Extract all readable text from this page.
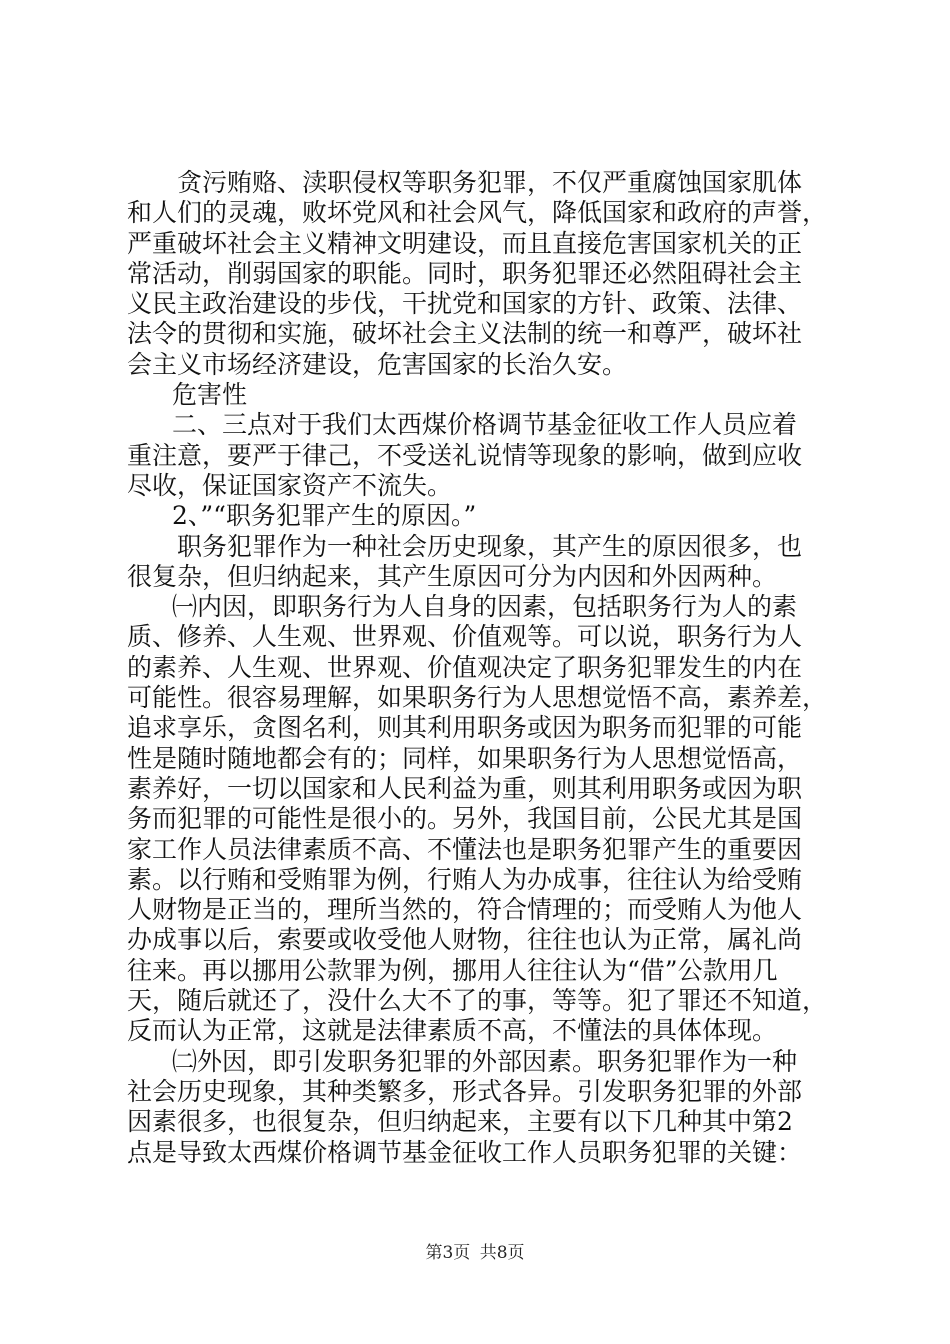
贪污贿赂、渎职侵权等职务犯罪，不仅严重腐蚀国家肌体
和人们的灵魂，败坏党风和社会风气，降低国家和政府的声誉，
严重破坏社会主义精神文明建设，而且直接危害国家机关的正
常活动，削弱国家的职能。同时，职务犯罪还必然阻碍社会主
义民主政治建设的步伐，干扰党和国家的方针、政策、法律、
法令的贯彻和实施，破坏社会主义法制的统一和尊严，破坏社
会主义市场经济建设，危害国家的长治久安。
危害性
二、三点对于我们太西煤价格调节基金征收工作人员应着
重注意，要严于律己，不受送礼说情等现象的影响，做到应收
尽收，保证国家资产不流失。
2、”“职务犯罪产生的原因。”
职务犯罪作为一种社会历史现象，其产生的原因很多，也
很复杂，但归纳起来，其产生原因可分为内因和外因两种。
㈠内因，即职务行为人自身的因素，包括职务行为人的素
质、修养、人生观、世界观、价值观等。可以说，职务行为人
的素养、人生观、世界观、价值观决定了职务犯罪发生的内在
可能性。很容易理解，如果职务行为人思想觉悟不高，素养差，
追求享乐，贪图名利，则其利用职务或因为职务而犯罪的可能
性是随时随地都会有的；同样，如果职务行为人思想觉悟高，
素养好，一切以国家和人民利益为重，则其利用职务或因为职
务而犯罪的可能性是很小的。另外，我国目前，公民尤其是国
家工作人员法律素质不高、不懂法也是职务犯罪产生的重要因
素。以行贿和受贿罪为例，行贿人为办成事，往往认为给受贿
人财物是正当的，理所当然的，符合情理的；而受贿人为他人
办成事以后，索要或收受他人财物，往往也认为正常，属礼尚
往来。再以挪用公款罪为例，挪用人往往认为“借”公款用几
天，随后就还了，没什么大不了的事，等等。犯了罪还不知道，
反而认为正常，这就是法律素质不高，不懂法的具体体现。
㈡外因，即引发职务犯罪的外部因素。职务犯罪作为一种
社会历史现象，其种类繁多，形式各异。引发职务犯罪的外部
因素很多，也很复杂，但归纳起来，主要有以下几种其中第2
点是导致太西煤价格调节基金征收工作人员职务犯罪的关键：
第3页 共8页
